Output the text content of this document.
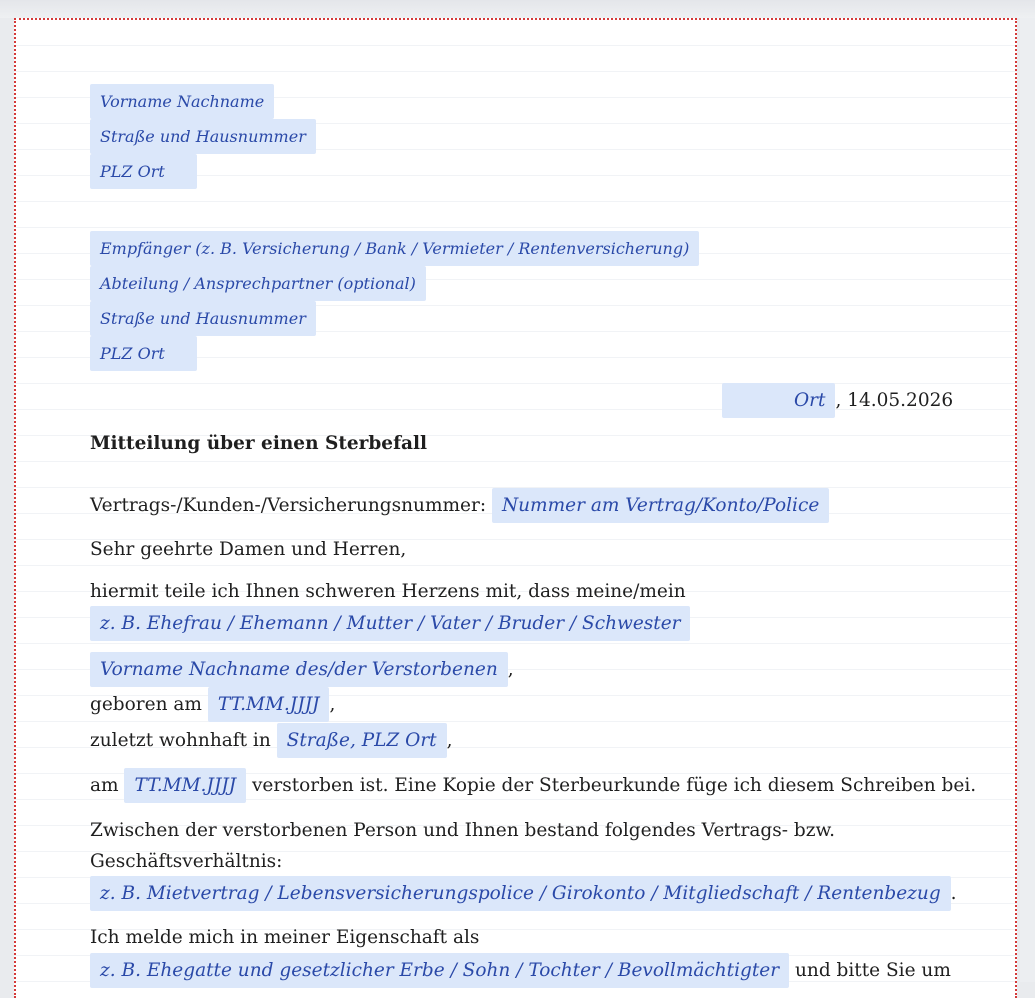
Vorname Nachname
Straße und Hausnummer
PLZ Ort
Empfänger (z. B. Versicherung / Bank / Vermieter / Rentenversicherung)
Abteilung / Ansprechpartner (optional)
Straße und Hausnummer
PLZ Ort
Ort , 14.05.2026
Mitteilung über einen Sterbefall
Vertrags-/Kunden-/Versicherungsnummer: Nummer am Vertrag/Konto/Police
Sehr geehrte Damen und Herren,
hiermit teile ich Ihnen schweren Herzens mit, dass meine/mein
z. B. Ehefrau / Ehemann / Mutter / Vater / Bruder / Schwester
Vorname Nachname des/der Verstorbenen ,
geboren am TT.MM.JJJJ ,
zuletzt wohnhaft in Straße, PLZ Ort ,
am TT.MM.JJJJ verstorben ist. Eine Kopie der Sterbeurkunde füge ich diesem Schreiben bei.
Zwischen der verstorbenen Person und Ihnen bestand folgendes Vertrags- bzw.
Geschäftsverhältnis:
z. B. Mietvertrag / Lebensversicherungspolice / Girokonto / Mitgliedschaft / Rentenbezug .
Ich melde mich in meiner Eigenschaft als
z. B. Ehegatte und gesetzlicher Erbe / Sohn / Tochter / Bevollmächtigter und bitte Sie um
